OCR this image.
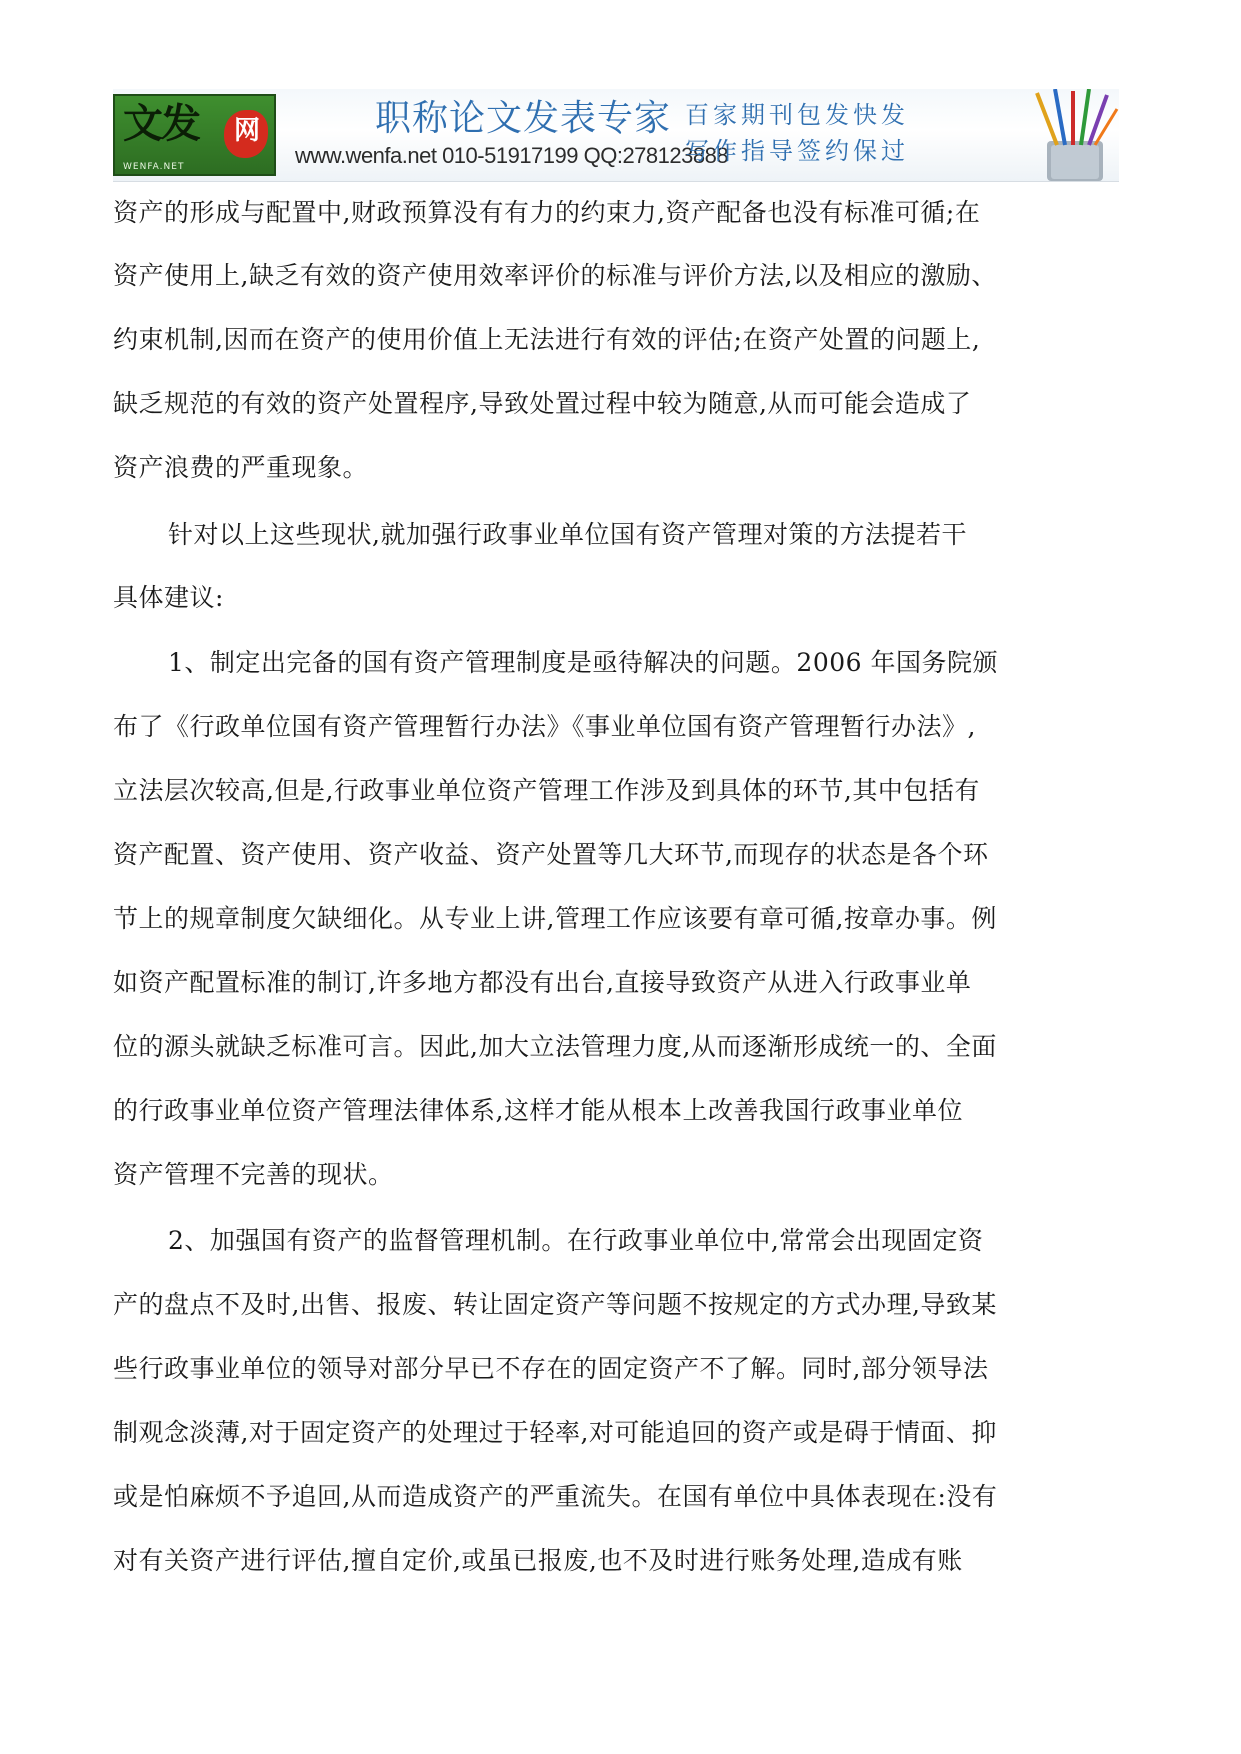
文发 网
WENFA.NET
职称论文发表专家
www.wenfa.net 010-51917199 QQ:278123888
百家期刊包发快发
写作指导签约保过
资产的形成与配置中,财政预算没有有力的约束力,资产配备也没有标准可循;在
资产使用上,缺乏有效的资产使用效率评价的标准与评价方法,以及相应的激励、
约束机制,因而在资产的使用价值上无法进行有效的评估;在资产处置的问题上,
缺乏规范的有效的资产处置程序,导致处置过程中较为随意,从而可能会造成了
资产浪费的严重现象。
针对以上这些现状,就加强行政事业单位国有资产管理对策的方法提若干
具体建议:
1、制定出完备的国有资产管理制度是亟待解决的问题。2006 年国务院颁
布了《行政单位国有资产管理暂行办法》《事业单位国有资产管理暂行办法》,
立法层次较高,但是,行政事业单位资产管理工作涉及到具体的环节,其中包括有
资产配置、资产使用、资产收益、资产处置等几大环节,而现存的状态是各个环
节上的规章制度欠缺细化。从专业上讲,管理工作应该要有章可循,按章办事。例
如资产配置标准的制订,许多地方都没有出台,直接导致资产从进入行政事业单
位的源头就缺乏标准可言。因此,加大立法管理力度,从而逐渐形成统一的、全面
的行政事业单位资产管理法律体系,这样才能从根本上改善我国行政事业单位
资产管理不完善的现状。
2、加强国有资产的监督管理机制。在行政事业单位中,常常会出现固定资
产的盘点不及时,出售、报废、转让固定资产等问题不按规定的方式办理,导致某
些行政事业单位的领导对部分早已不存在的固定资产不了解。同时,部分领导法
制观念淡薄,对于固定资产的处理过于轻率,对可能追回的资产或是碍于情面、抑
或是怕麻烦不予追回,从而造成资产的严重流失。在国有单位中具体表现在:没有
对有关资产进行评估,擅自定价,或虽已报废,也不及时进行账务处理,造成有账
